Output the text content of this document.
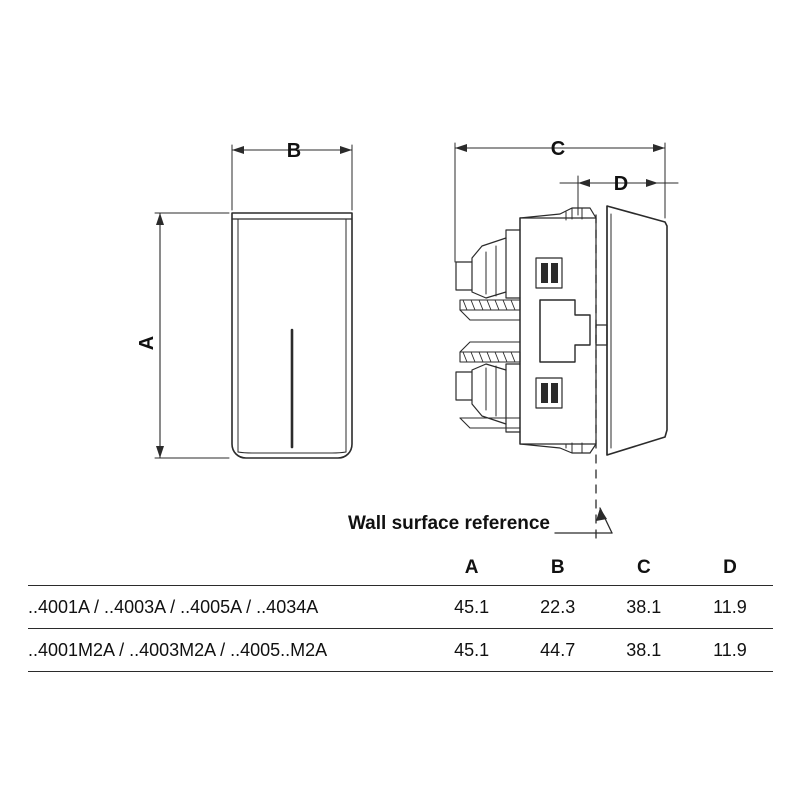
B
A
C
D
Wall surface reference
	A	B	C	D
..4001A / ..4003A / ..4005A / ..4034A	45.1	22.3	38.1	11.9
..4001M2A / ..4003M2A / ..4005..M2A	45.1	44.7	38.1	11.9
